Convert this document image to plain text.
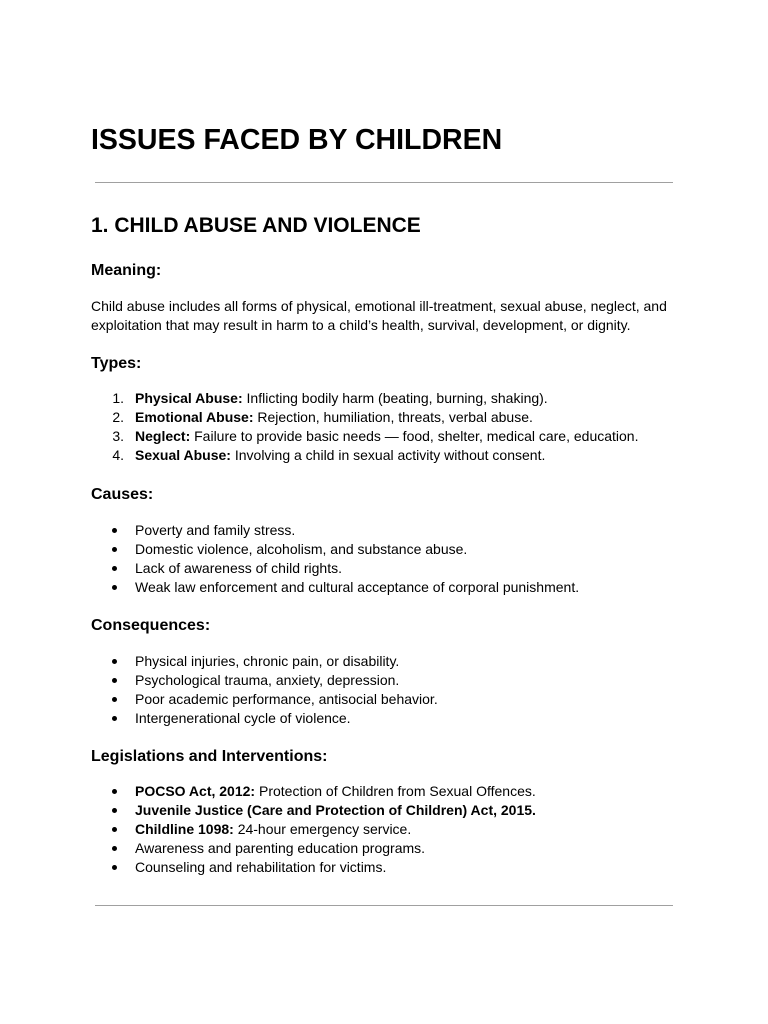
ISSUES FACED BY CHILDREN
1. CHILD ABUSE AND VIOLENCE
Meaning:

Child abuse includes all forms of physical, emotional ill-treatment, sexual abuse, neglect, and exploitation that may result in harm to a child’s health, survival, development, or dignity.

Types:
1. Physical Abuse: Inflicting bodily harm (beating, burning, shaking).
2. Emotional Abuse: Rejection, humiliation, threats, verbal abuse.
3. Neglect: Failure to provide basic needs — food, shelter, medical care, education.
4. Sexual Abuse: Involving a child in sexual activity without consent.
Causes:
Poverty and family stress.
Domestic violence, alcoholism, and substance abuse.
Lack of awareness of child rights.
Weak law enforcement and cultural acceptance of corporal punishment.
Consequences:
Physical injuries, chronic pain, or disability.
Psychological trauma, anxiety, depression.
Poor academic performance, antisocial behavior.
Intergenerational cycle of violence.
Legislations and Interventions:
POCSO Act, 2012: Protection of Children from Sexual Offences.
Juvenile Justice (Care and Protection of Children) Act, 2015.
Childline 1098: 24-hour emergency service.
Awareness and parenting education programs.
Counseling and rehabilitation for victims.
